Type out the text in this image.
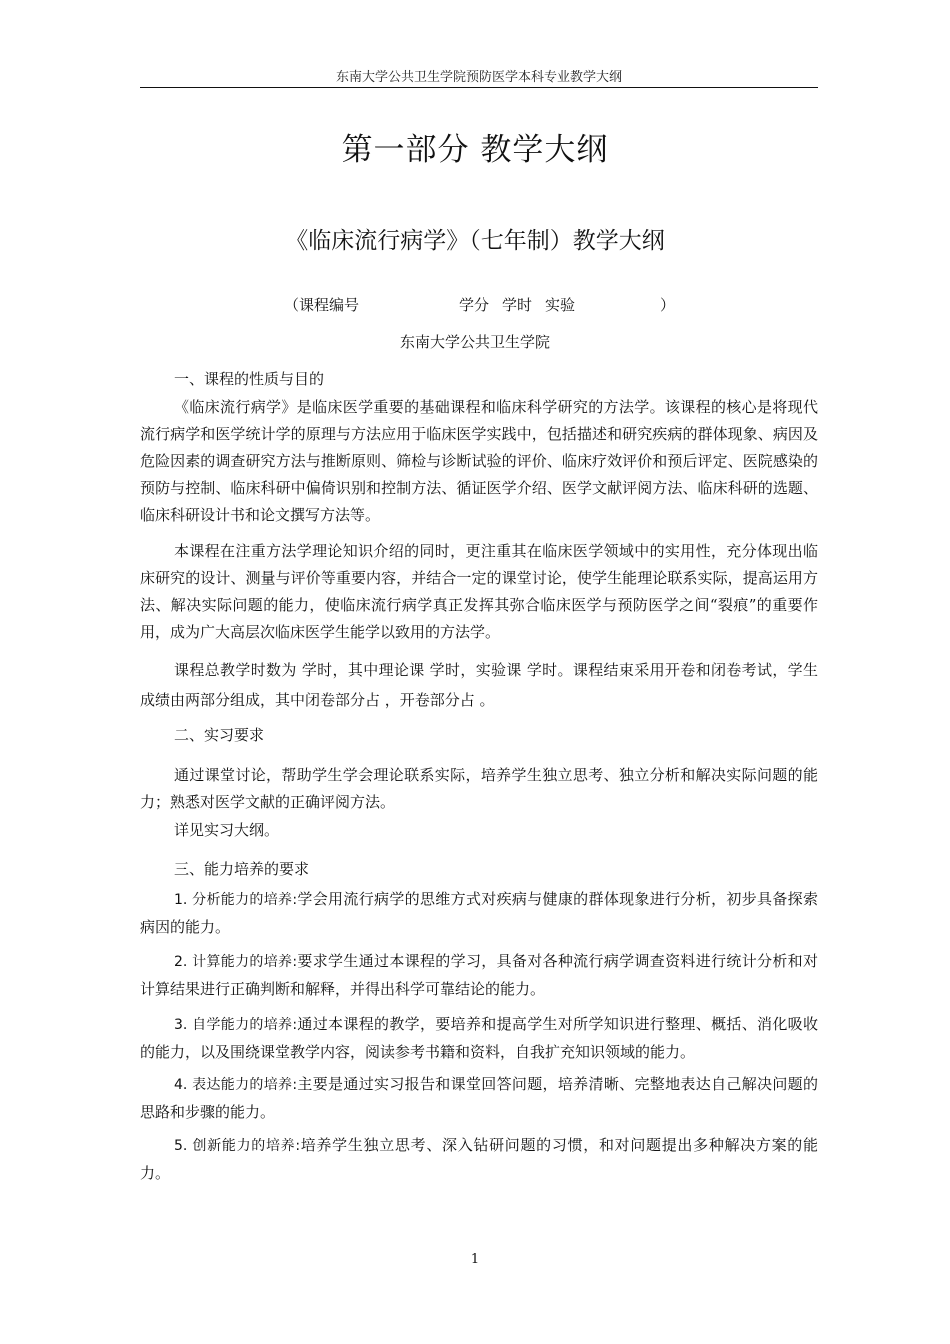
东南大学公共卫生学院预防医学本科专业教学大纲
第一部分 教学大纲
《临床流行病学》（七年制）教学大纲
（课程编号	学分 学时 实验	）
东南大学公共卫生学院
一、课程的性质与目的
《临床流行病学》是临床医学重要的基础课程和临床科学研究的方法学。该课程的核心是将现代流行病学和医学统计学的原理与方法应用于临床医学实践中，包括描述和研究疾病的群体现象、病因及危险因素的调查研究方法与推断原则、筛检与诊断试验的评价、临床疗效评价和预后评定、医院感染的预防与控制、临床科研中偏倚识别和控制方法、循证医学介绍、医学文献评阅方法、临床科研的选题、临床科研设计书和论文撰写方法等。
本课程在注重方法学理论知识介绍的同时，更注重其在临床医学领域中的实用性，充分体现出临床研究的设计、测量与评价等重要内容，并结合一定的课堂讨论，使学生能理论联系实际，提高运用方法、解决实际问题的能力，使临床流行病学真正发挥其弥合临床医学与预防医学之间“裂痕”的重要作用，成为广大高层次临床医学生能学以致用的方法学。
课程总教学时数为 学时，其中理论课 学时，实验课 学时。课程结束采用开卷和闭卷考试，学生成绩由两部分组成，其中闭卷部分占 ，开卷部分占 。
二、实习要求
通过课堂讨论，帮助学生学会理论联系实际，培养学生独立思考、独立分析和解决实际问题的能力；熟悉对医学文献的正确评阅方法。
详见实习大纲。
三、能力培养的要求
1. 分析能力的培养:学会用流行病学的思维方式对疾病与健康的群体现象进行分析，初步具备探索病因的能力。
2. 计算能力的培养:要求学生通过本课程的学习，具备对各种流行病学调查资料进行统计分析和对计算结果进行正确判断和解释，并得出科学可靠结论的能力。
3. 自学能力的培养:通过本课程的教学，要培养和提高学生对所学知识进行整理、概括、消化吸收的能力，以及围绕课堂教学内容，阅读参考书籍和资料，自我扩充知识领域的能力。
4. 表达能力的培养:主要是通过实习报告和课堂回答问题，培养清晰、完整地表达自己解决问题的思路和步骤的能力。
5. 创新能力的培养:培养学生独立思考、深入钻研问题的习惯，和对问题提出多种解决方案的能力。
1
